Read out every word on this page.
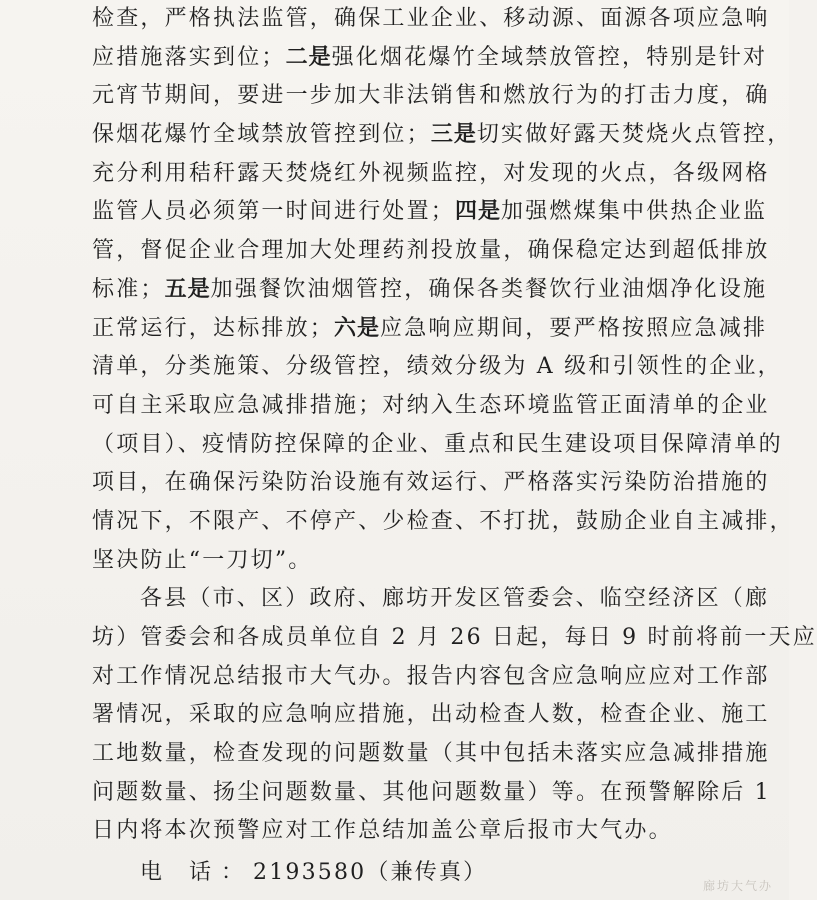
检查，严格执法监管，确保工业企业、移动源、面源各项应急响
应措施落实到位；二是强化烟花爆竹全域禁放管控，特别是针对
元宵节期间，要进一步加大非法销售和燃放行为的打击力度，确
保烟花爆竹全域禁放管控到位；三是切实做好露天焚烧火点管控，
充分利用秸秆露天焚烧红外视频监控，对发现的火点，各级网格
监管人员必须第一时间进行处置；四是加强燃煤集中供热企业监
管，督促企业合理加大处理药剂投放量，确保稳定达到超低排放
标准；五是加强餐饮油烟管控，确保各类餐饮行业油烟净化设施
正常运行，达标排放；六是应急响应期间，要严格按照应急减排
清单，分类施策、分级管控，绩效分级为 A 级和引领性的企业，
可自主采取应急减排措施；对纳入生态环境监管正面清单的企业
（项目）、疫情防控保障的企业、重点和民生建设项目保障清单的
项目，在确保污染防治设施有效运行、严格落实污染防治措施的
情况下，不限产、不停产、少检查、不打扰，鼓励企业自主减排，
坚决防止“一刀切”。
各县（市、区）政府、廊坊开发区管委会、临空经济区（廊
坊）管委会和各成员单位自 2 月 26 日起，每日 9 时前将前一天应
对工作情况总结报市大气办。报告内容包含应急响应应对工作部
署情况，采取的应急响应措施，出动检查人数，检查企业、施工
工地数量，检查发现的问题数量（其中包括未落实应急减排措施
问题数量、扬尘问题数量、其他问题数量）等。在预警解除后 1
日内将本次预警应对工作总结加盖公章后报市大气办。
电 话：2193580（兼传真）
廊坊大气办
